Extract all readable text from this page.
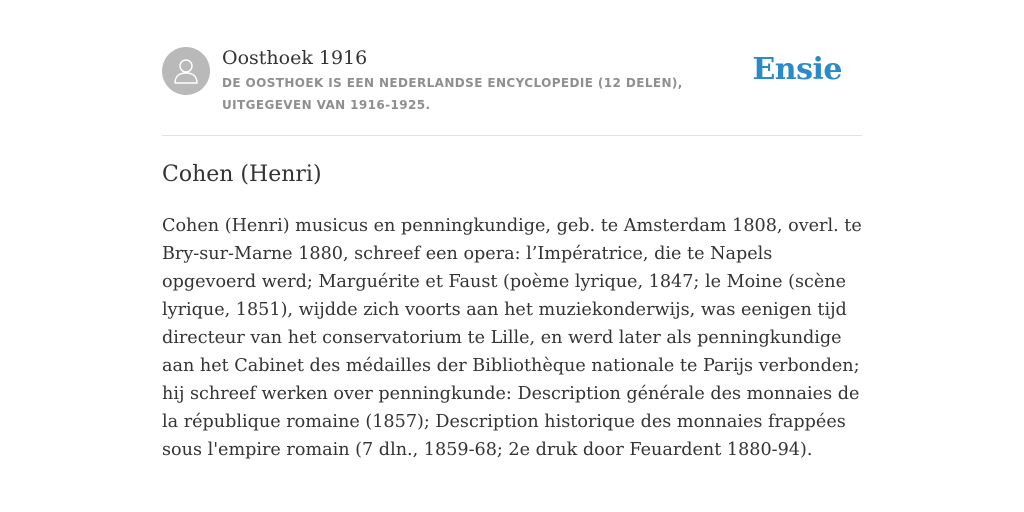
Oosthoek 1916
DE OOSTHOEK IS EEN NEDERLANDSE ENCYCLOPEDIE (12 DELEN), UITGEGEVEN VAN 1916-1925.
Ensie
Cohen (Henri)

Cohen (Henri) musicus en penningkundige, geb. te Amsterdam 1808, overl. te Bry-sur-Marne 1880, schreef een opera: l’Impératrice, die te Napels opgevoerd werd; Marguérite et Faust (poème lyrique, 1847; le Moine (scène lyrique, 1851), wijdde zich voorts aan het muziekonderwijs, was eenigen tijd directeur van het conservatorium te Lille, en werd later als penningkundige aan het Cabinet des médailles der Bibliothèque nationale te Parijs verbonden; hij schreef werken over penningkunde: Description générale des monnaies de la république romaine (1857); Description historique des monnaies frappées sous l'empire romain (7 dln., 1859-68; 2e druk door Feuardent 1880-94).
